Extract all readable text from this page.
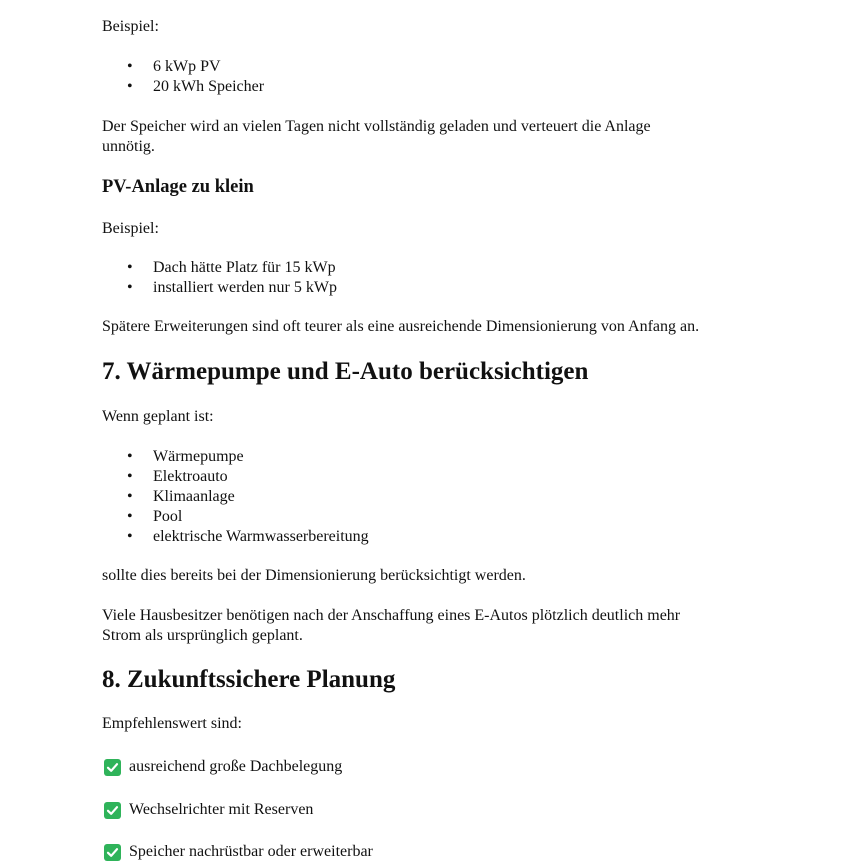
Beispiel:
• 6 kWp PV
• 20 kWh Speicher
Der Speicher wird an vielen Tagen nicht vollständig geladen und verteuert die Anlage
unnötig.
PV-Anlage zu klein
Beispiel:
• Dach hätte Platz für 15 kWp
• installiert werden nur 5 kWp
Spätere Erweiterungen sind oft teurer als eine ausreichende Dimensionierung von Anfang an.
7. Wärmepumpe und E-Auto berücksichtigen
Wenn geplant ist:
• Wärmepumpe
• Elektroauto
• Klimaanlage
• Pool
• elektrische Warmwasserbereitung
sollte dies bereits bei der Dimensionierung berücksichtigt werden.
Viele Hausbesitzer benötigen nach der Anschaffung eines E-Autos plötzlich deutlich mehr
Strom als ursprünglich geplant.
8. Zukunftssichere Planung
Empfehlenswert sind:
ausreichend große Dachbelegung
Wechselrichter mit Reserven
Speicher nachrüstbar oder erweiterbar
